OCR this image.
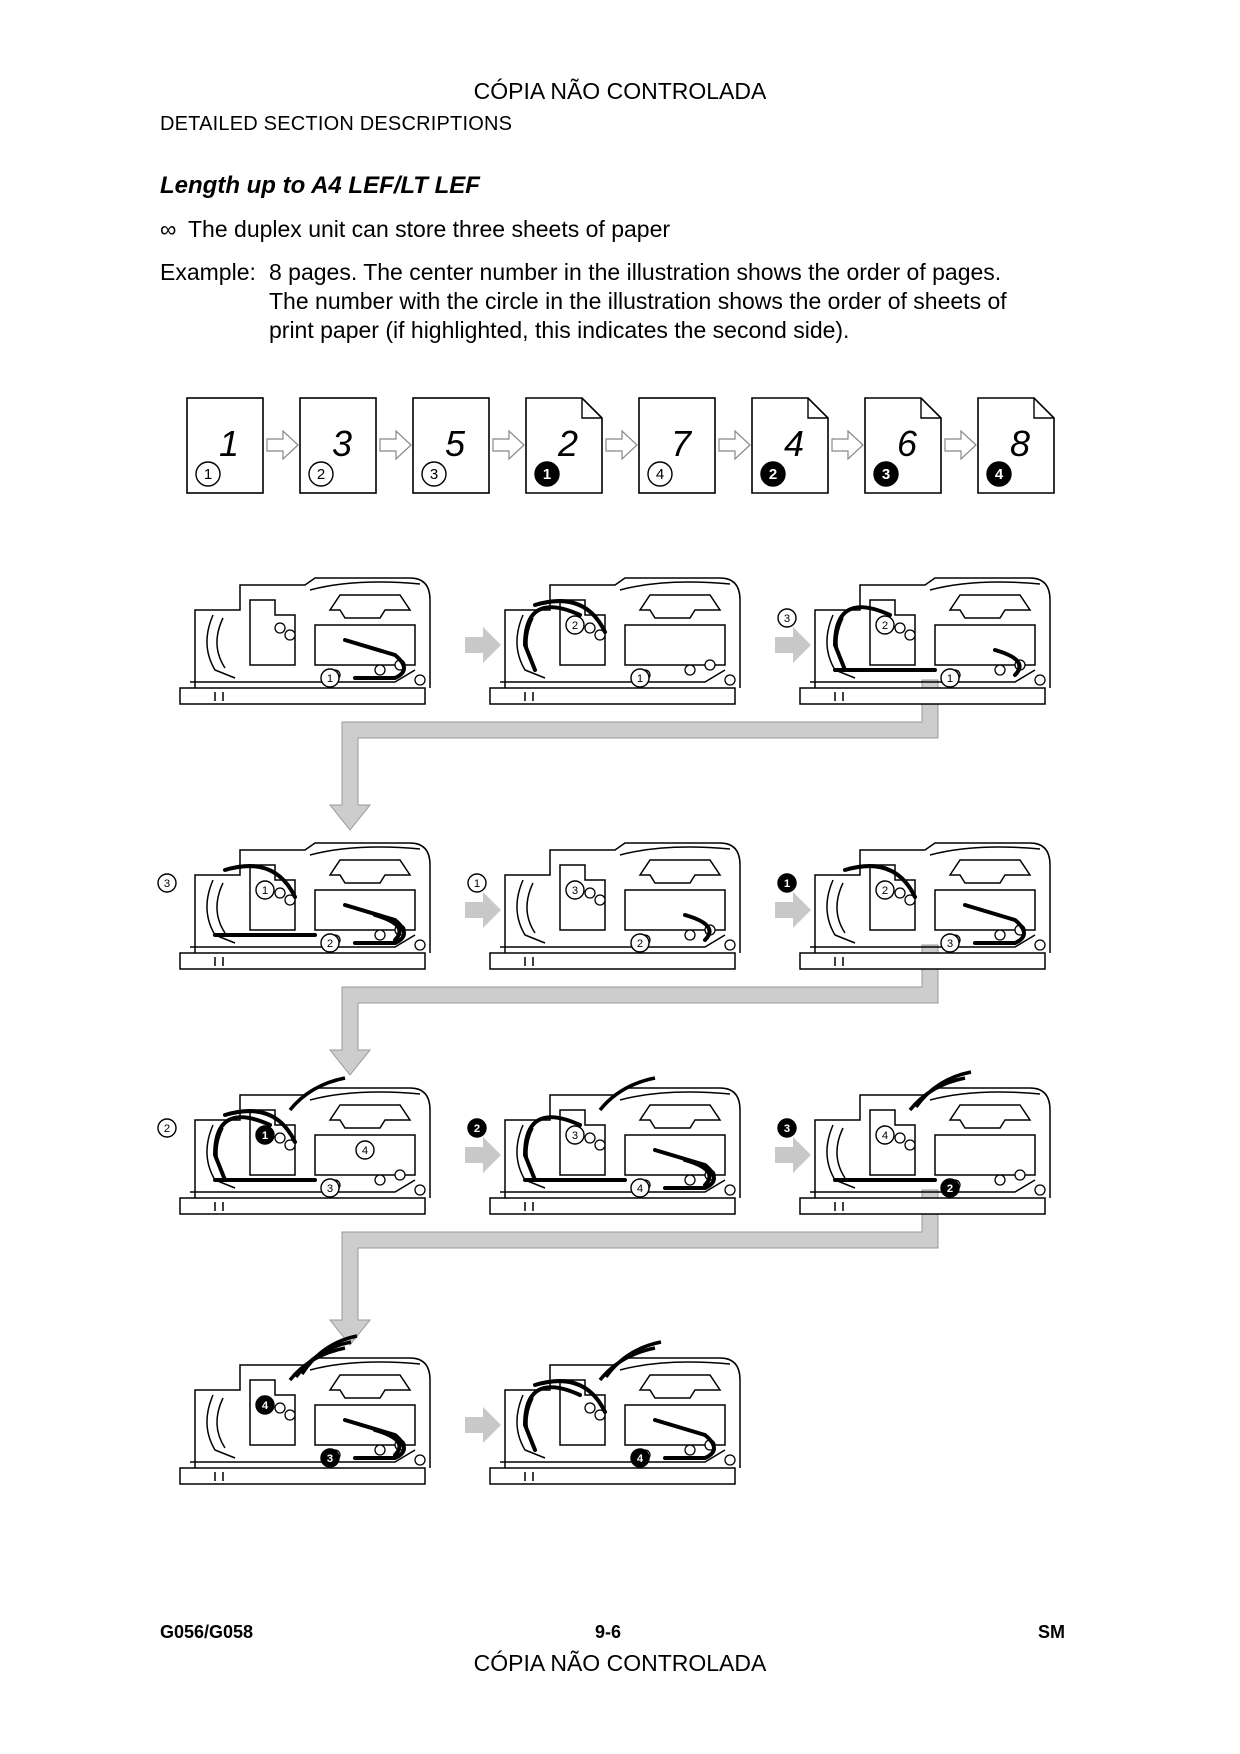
CÓPIA NÃO CONTROLADA
DETAILED SECTION DESCRIPTIONS
Length up to A4 LEF/LT LEF
∞ The duplex unit can store three sheets of paper
Example: 8 pages. The center number in the illustration shows the order of pages.
The number with the circle in the illustration shows the order of sheets of
print paper (if highlighted, this indicates the second side).
1
1
3
2
5
3
2
1
7
4
4
2
6
3
8
4
1	1
2
1
2
3
2
1
3
2
3
1
3
2
1
3
1
2
4
4
3
2
2
4
3
3
4
4
G056/G058	9-6	SM
CÓPIA NÃO CONTROLADA
